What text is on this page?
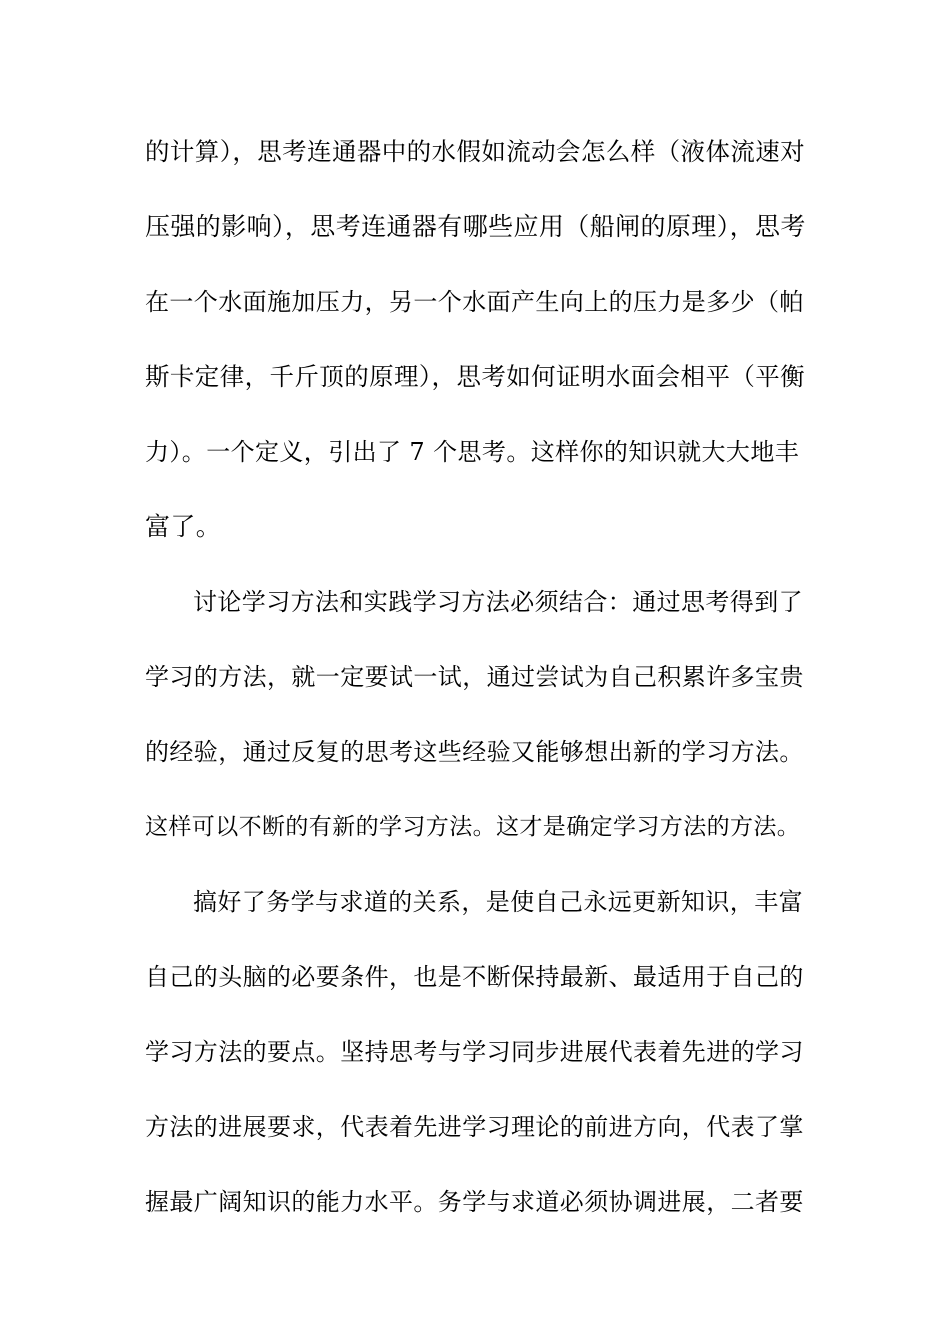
的计算），思考连通器中的水假如流动会怎么样（液体流速对
压强的影响），思考连通器有哪些应用（船闸的原理），思考
在一个水面施加压力，另一个水面产生向上的压力是多少（帕
斯卡定律，千斤顶的原理），思考如何证明水面会相平（平衡
力）。一个定义，引出了 7 个思考。这样你的知识就大大地丰
富了。
讨论学习方法和实践学习方法必须结合：通过思考得到了
学习的方法，就一定要试一试，通过尝试为自己积累许多宝贵
的经验，通过反复的思考这些经验又能够想出新的学习方法。
这样可以不断的有新的学习方法。这才是确定学习方法的方法。
搞好了务学与求道的关系，是使自己永远更新知识，丰富
自己的头脑的必要条件，也是不断保持最新、最适用于自己的
学习方法的要点。坚持思考与学习同步进展代表着先进的学习
方法的进展要求，代表着先进学习理论的前进方向，代表了掌
握最广阔知识的能力水平。务学与求道必须协调进展，二者要
